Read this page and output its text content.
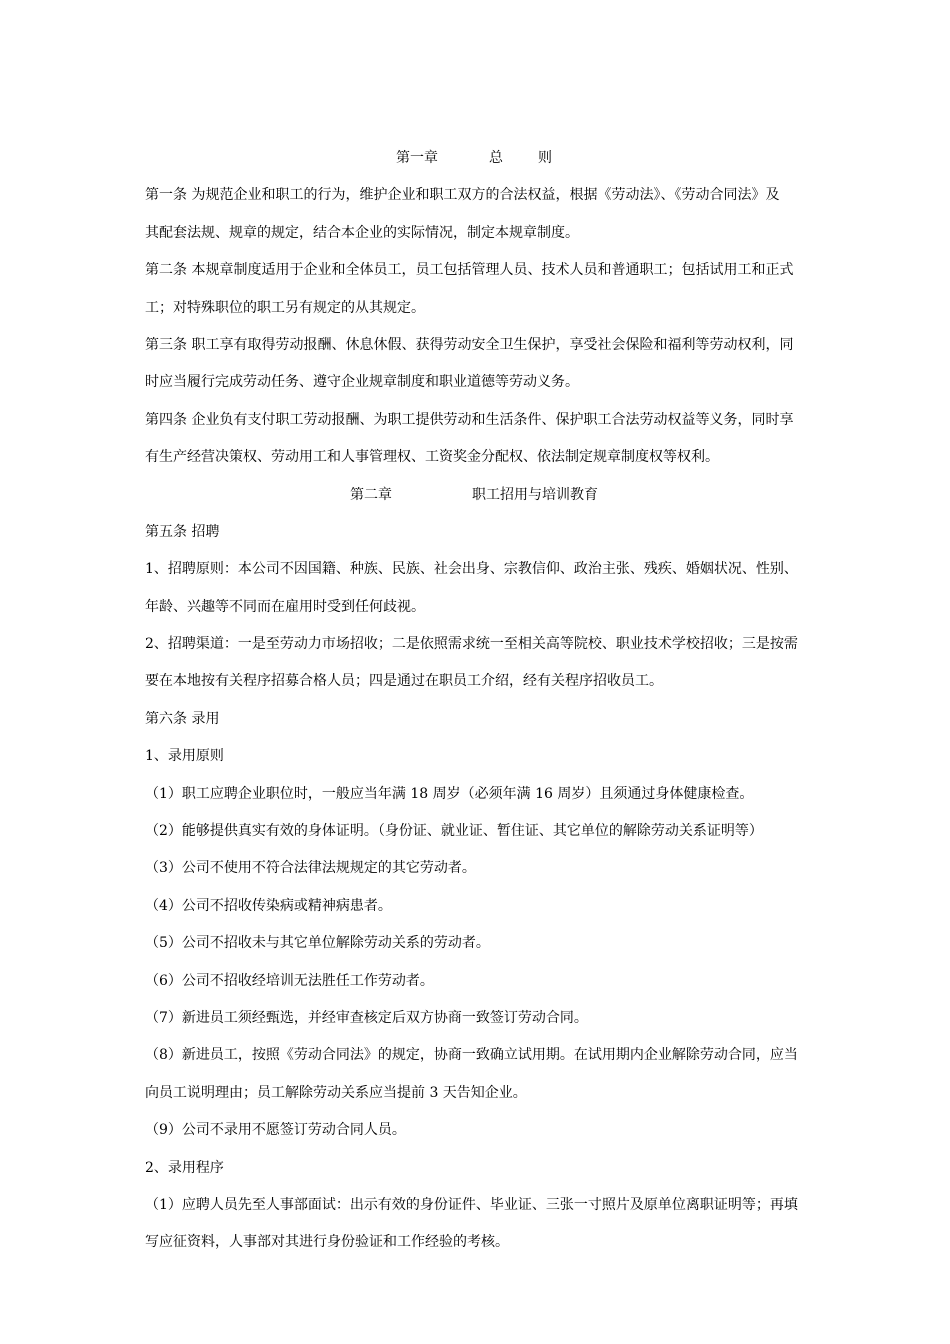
第一章	总	则
第一条 为规范企业和职工的行为，维护企业和职工双方的合法权益，根据《劳动法》、《劳动合同法》及
其配套法规、规章的规定，结合本企业的实际情况，制定本规章制度。
第二条 本规章制度适用于企业和全体员工，员工包括管理人员、技术人员和普通职工；包括试用工和正式
工；对特殊职位的职工另有规定的从其规定。
第三条 职工享有取得劳动报酬、休息休假、获得劳动安全卫生保护，享受社会保险和福利等劳动权利，同
时应当履行完成劳动任务、遵守企业规章制度和职业道德等劳动义务。
第四条 企业负有支付职工劳动报酬、为职工提供劳动和生活条件、保护职工合法劳动权益等义务，同时享
有生产经营决策权、劳动用工和人事管理权、工资奖金分配权、依法制定规章制度权等权利。
第二章	职工招用与培训教育
第五条 招聘
1、招聘原则：本公司不因国籍、种族、民族、社会出身、宗教信仰、政治主张、残疾、婚姻状况、性别、
年龄、兴趣等不同而在雇用时受到任何歧视。
2、招聘渠道：一是至劳动力市场招收；二是依照需求统一至相关高等院校、职业技术学校招收；三是按需
要在本地按有关程序招募合格人员；四是通过在职员工介绍，经有关程序招收员工。
第六条 录用
1、录用原则
（1）职工应聘企业职位时，一般应当年满 18 周岁（必须年满 16 周岁）且须通过身体健康检查。
（2）能够提供真实有效的身体证明。（身份证、就业证、暂住证、其它单位的解除劳动关系证明等）
（3）公司不使用不符合法律法规规定的其它劳动者。
（4）公司不招收传染病或精神病患者。
（5）公司不招收未与其它单位解除劳动关系的劳动者。
（6）公司不招收经培训无法胜任工作劳动者。
（7）新进员工须经甄选，并经审查核定后双方协商一致签订劳动合同。
（8）新进员工，按照《劳动合同法》的规定，协商一致确立试用期。在试用期内企业解除劳动合同，应当
向员工说明理由；员工解除劳动关系应当提前 3 天告知企业。
（9）公司不录用不愿签订劳动合同人员。
2、录用程序
（1）应聘人员先至人事部面试：出示有效的身份证件、毕业证、三张一寸照片及原单位离职证明等；再填
写应征资料，人事部对其进行身份验证和工作经验的考核。
